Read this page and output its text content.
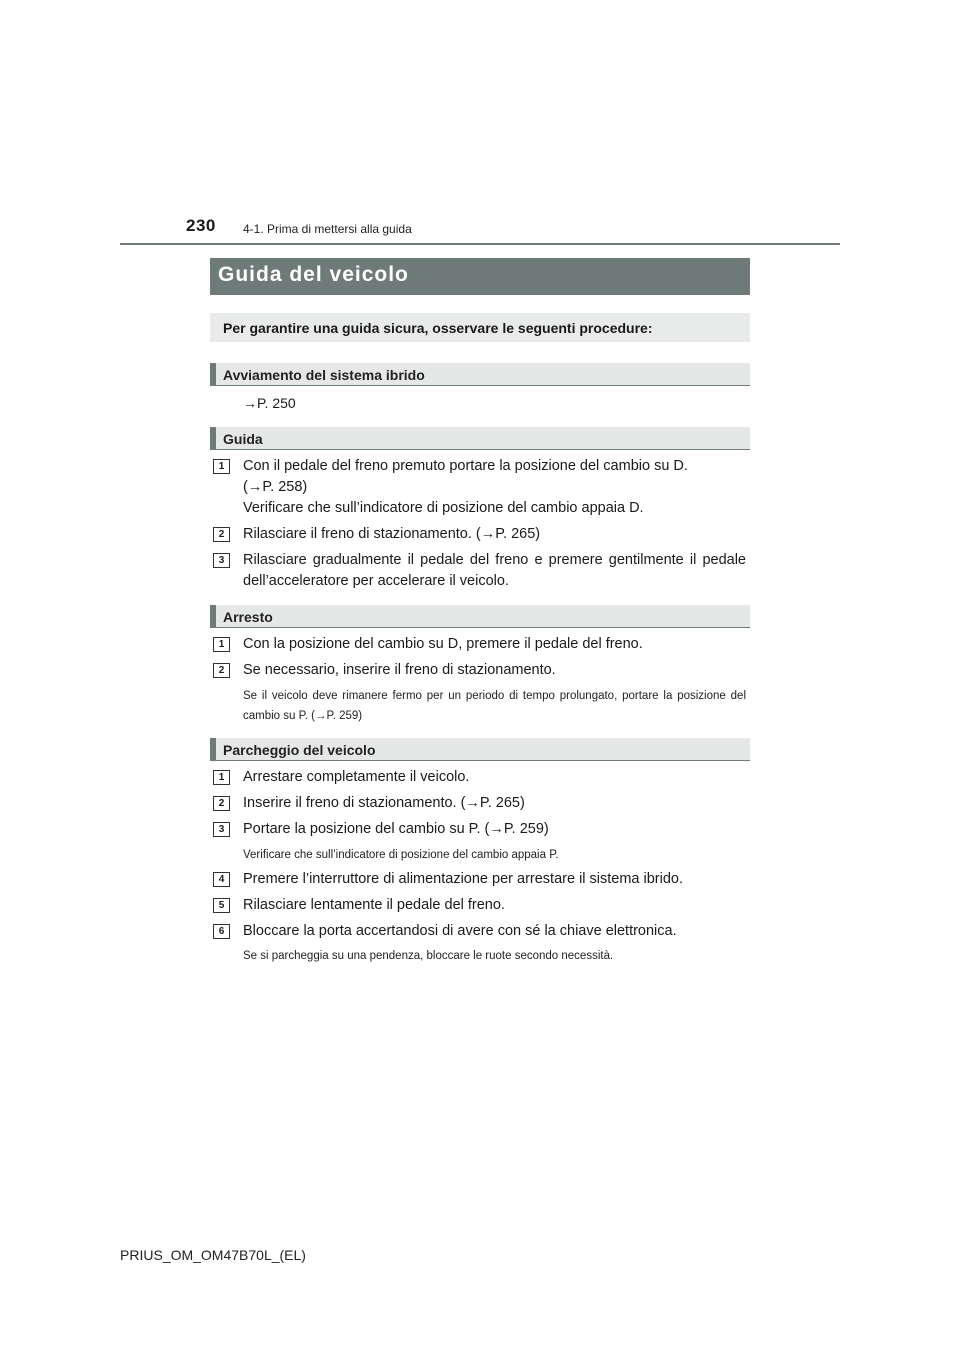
230 4-1. Prima di mettersi alla guida
Guida del veicolo
Per garantire una guida sicura, osservare le seguenti procedure:
Avviamento del sistema ibrido
→P. 250
Guida
1	Con il pedale del freno premuto portare la posizione del cambio su D.
(→P. 258)
Verificare che sull’indicatore di posizione del cambio appaia D.
2	Rilasciare il freno di stazionamento. (→P. 265)
3	Rilasciare gradualmente il pedale del freno e premere gentilmente il pedale dell’acceleratore per accelerare il veicolo.
Arresto
1	Con la posizione del cambio su D, premere il pedale del freno.
2	Se necessario, inserire il freno di stazionamento.
Se il veicolo deve rimanere fermo per un periodo di tempo prolungato, portare la posizione del cambio su P. (→P. 259)
Parcheggio del veicolo
1	Arrestare completamente il veicolo.
2	Inserire il freno di stazionamento. (→P. 265)
3	Portare la posizione del cambio su P. (→P. 259)
Verificare che sull’indicatore di posizione del cambio appaia P.
4	Premere l’interruttore di alimentazione per arrestare il sistema ibrido.
5	Rilasciare lentamente il pedale del freno.
6	Bloccare la porta accertandosi di avere con sé la chiave elettronica.
Se si parcheggia su una pendenza, bloccare le ruote secondo necessità.
PRIUS_OM_OM47B70L_(EL)
